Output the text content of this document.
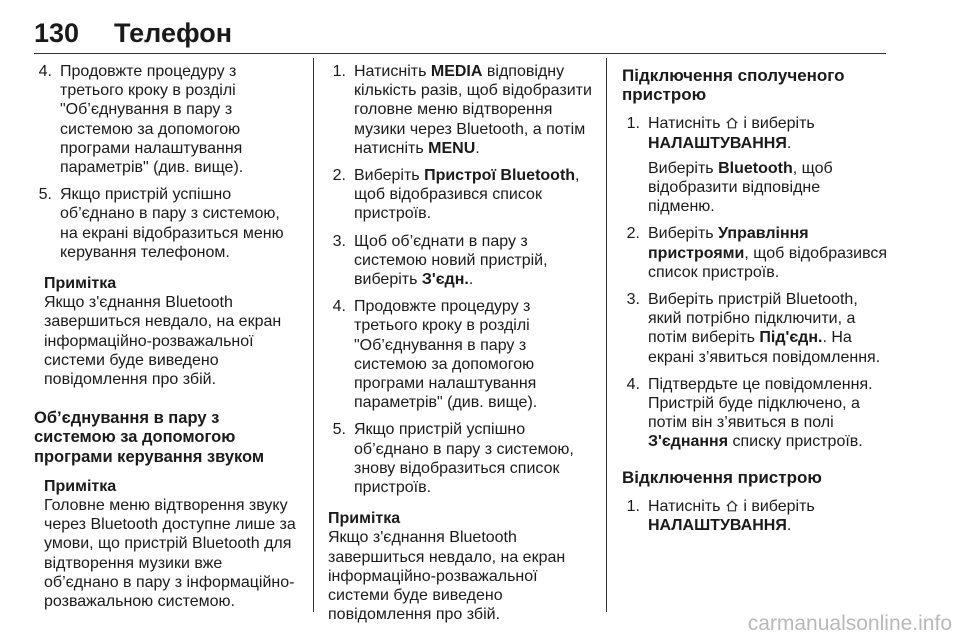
130 Телефон
4. Продовжте процедуру з третього кроку в розділі "Об’єднування в пару з системою за допомогою програми налаштування параметрів" (див. вище).
5. Якщо пристрій успішно об’єднано в пару з системою, на екрані відобразиться меню керування телефоном.
Примітка
Якщо з'єднання Bluetooth завершиться невдало, на екран інформаційно-розважальної системи буде виведено повідомлення про збій.
Об’єднування в пару з системою за допомогою програми керування звуком
Примітка
Головне меню відтворення звуку через Bluetooth доступне лише за умови, що пристрій Bluetooth для відтворення музики вже об’єднано в пару з інформаційно-розважальною системою.
1. Натисніть MEDIA відповідну кількість разів, щоб відобразити головне меню відтворення музики через Bluetooth, а потім натисніть MENU.
2. Виберіть Пристрої Bluetooth, щоб відобразився список пристроїв.
3. Щоб об’єднати в пару з системою новий пристрій, виберіть З'єдн..
4. Продовжте процедуру з третього кроку в розділі "Об’єднування в пару з системою за допомогою програми налаштування параметрів" (див. вище).
5. Якщо пристрій успішно об’єднано в пару з системою, знову відобразиться список пристроїв.
Примітка
Якщо з'єднання Bluetooth завершиться невдало, на екран інформаційно-розважальної системи буде виведено повідомлення про збій.
Підключення сполученого пристрою
1. Натисніть  і виберіть НАЛАШТУВАННЯ.
Виберіть Bluetooth, щоб відобразити відповідне підменю.
2. Виберіть Управління пристроями, щоб відобразився список пристроїв.
3. Виберіть пристрій Bluetooth, який потрібно підключити, а потім виберіть Під'єдн.. На екрані з’явиться повідомлення.
4. Підтвердьте це повідомлення. Пристрій буде підключено, а потім він з’явиться в полі З'єднання списку пристроїв.
Відключення пристрою
1. Натисніть  і виберіть НАЛАШТУВАННЯ.
carmanualsonline.info
